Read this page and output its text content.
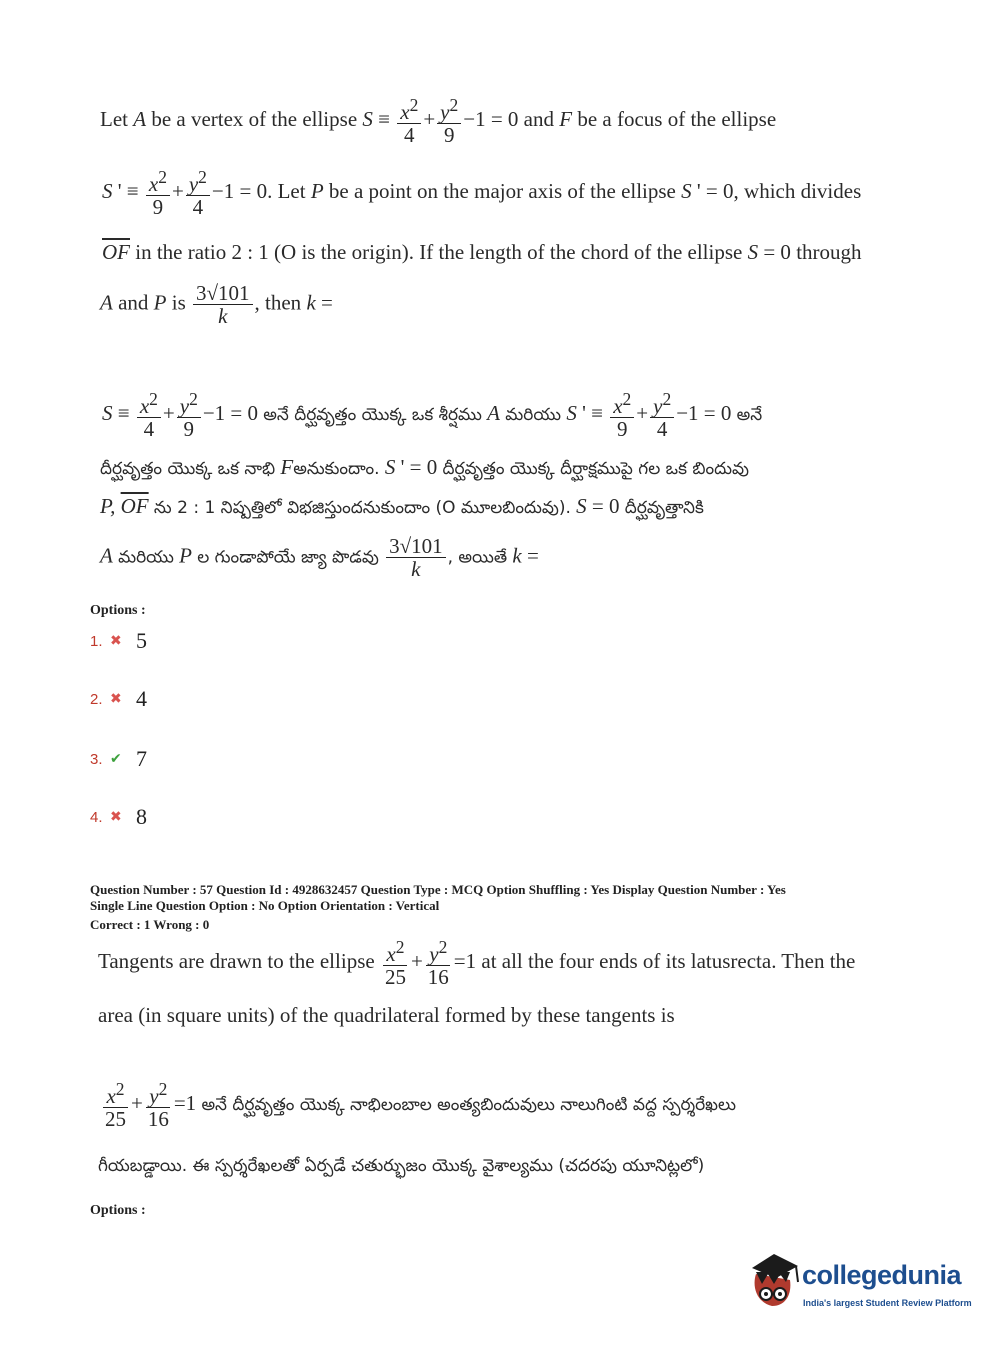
Let A be a vertex of the ellipse $S \equiv \frac{x^2}{4} + \frac{y^2}{9} -1 = 0$ and F be a focus of the ellipse
S ' ≡ $\frac{x^2}{9} + \frac{y^2}{4} -1 = 0$. Let P be a point on the major axis of the ellipse S ' = 0, which divides
$\overline{OF}$ in the ratio 2 : 1 (O is the origin). If the length of the chord of the ellipse S = 0 through
A and P is $\frac{3√101}{k}$ , then k =
$S \equiv \frac{x^2}{4} + \frac{y^2}{9} -1 = 0$ అనే దీర్ఘవృత్తం యొక్క ఒక శీర్షము A మరియు S ' ≡ $\frac{x^2}{9} + \frac{y^2}{4} -1 = 0$ అనే
దీర్ఘవృత్తం యొక్క ఒక నాభి Fఅనుకుందాం. S ' = 0 దీర్ఘవృత్తం యొక్క దీర్ఘాక్షముపై గల ఒక బిందువు
P, $\overline{OF}$ ను 2 : 1 నిష్పత్తిలో విభజిస్తుందనుకుందాం (O మూలబిందువు). S = 0 దీర్ఘవృత్తానికి
A మరియు P ల గుండాపోయే జ్యా పొడవు $\frac{3√101}{k}$ , అయితే k =
Options :
1. ✖ 5
2. ✖ 4
3. ✔ 7
4. ✖ 8
Question Number : 57 Question Id : 4928632457 Question Type : MCQ Option Shuffling : Yes Display Question Number : Yes
Single Line Question Option : No Option Orientation : Vertical
Correct : 1 Wrong : 0
Tangents are drawn to the ellipse $\frac{x^2}{25} + \frac{y^2}{16} =1$ at all the four ends of its latusrecta. Then the
area (in square units) of the quadrilateral formed by these tangents is
$\frac{x^2}{25} + \frac{y^2}{16} =1$ అనే దీర్ఘవృత్తం యొక్క నాభిలంబాల అంత్యబిందువులు నాలుగింటి వద్ద స్పర్శరేఖలు
గీయబడ్డాయి. ఈ స్పర్శరేఖలతో ఏర్పడే చతుర్భుజం యొక్క వైశాల్యము (చదరపు యూనిట్లలో)
Options :
collegedunia
India's largest Student Review Platform
